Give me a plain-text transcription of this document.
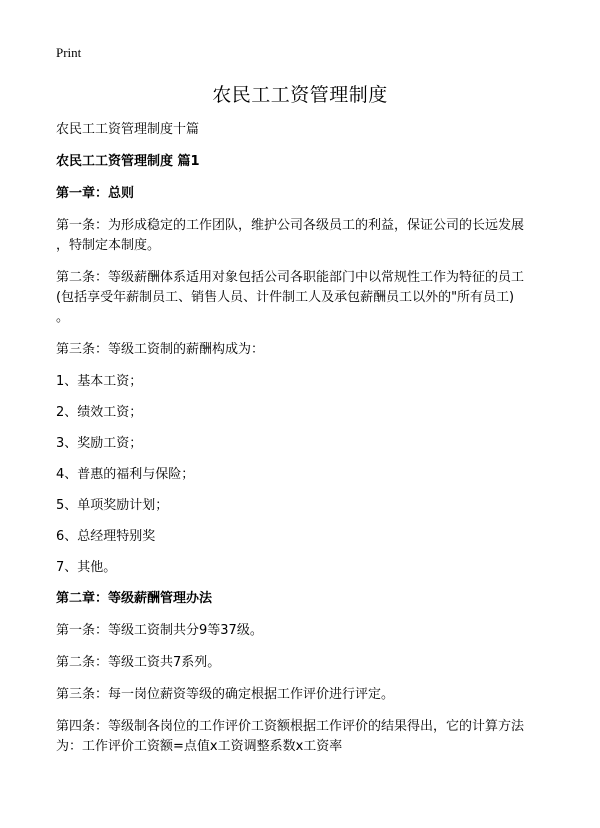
Print
农民工工资管理制度

农民工工资管理制度十篇

农民工工资管理制度 篇1

第一章：总则

第一条：为形成稳定的工作团队，维护公司各级员工的利益，保证公司的长远发展
，特制定本制度。

第二条：等级薪酬体系适用对象包括公司各职能部门中以常规性工作为特征的员工
(包括享受年薪制员工、销售人员、计件制工人及承包薪酬员工以外的"所有员工)
。

第三条：等级工资制的薪酬构成为：

1、基本工资；

2、绩效工资；

3、奖励工资；

4、普惠的福利与保险；

5、单项奖励计划；

6、总经理特别奖

7、其他。

第二章：等级薪酬管理办法

第一条：等级工资制共分9等37级。

第二条：等级工资共7系列。

第三条：每一岗位薪资等级的确定根据工作评价进行评定。

第四条：等级制各岗位的工作评价工资额根据工作评价的结果得出，它的计算方法
为：工作评价工资额=点值x工资调整系数x工资率
